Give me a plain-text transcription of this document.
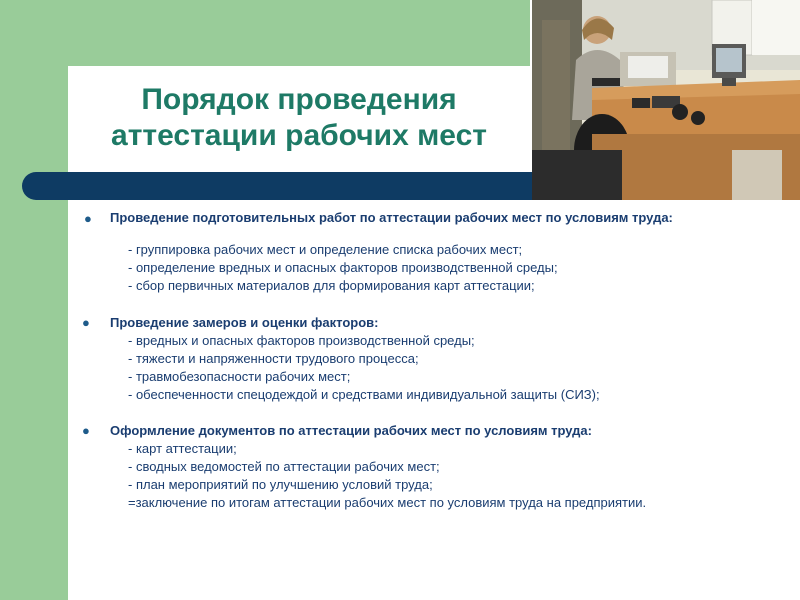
Порядок проведения
аттестации рабочих мест
● Проведение подготовительных работ по аттестации рабочих мест по условиям труда:
- группировка рабочих мест и определение списка рабочих мест;
- определение вредных и опасных факторов производственной среды;
- сбор первичных материалов для формирования карт аттестации;
● Проведение замеров и оценки факторов:
- вредных и опасных факторов производственной среды;
- тяжести и напряженности трудового процесса;
- травмобезопасности рабочих мест;
- обеспеченности спецодеждой и средствами индивидуальной защиты (СИЗ);
● Оформление документов по аттестации рабочих мест по условиям труда:
- карт аттестации;
- сводных ведомостей по аттестации рабочих мест;
- план мероприятий по улучшению условий труда;
=заключение по итогам аттестации рабочих мест по условиям труда на предприятии.
